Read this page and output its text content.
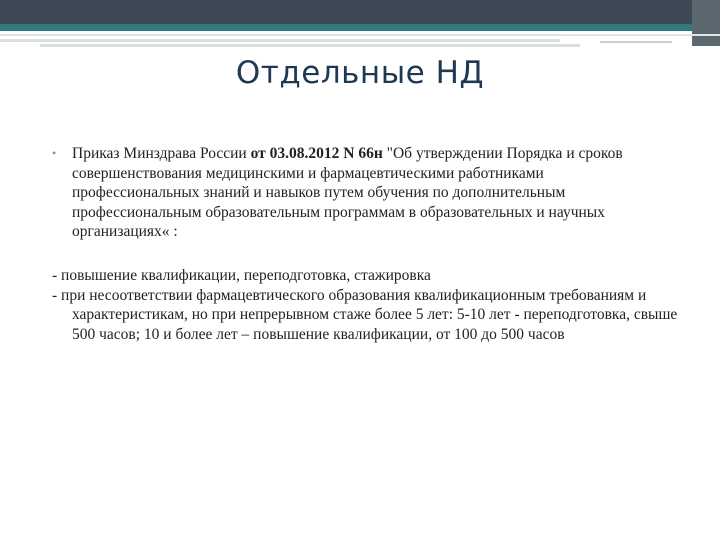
Отдельные НД
• Приказ Минздрава России от 03.08.2012 N 66н "Об утверждении Порядка и сроков совершенствования медицинскими и фармацевтическими работниками профессиональных знаний и навыков путем обучения по дополнительным профессиональным образовательным программам в образовательных и научных организациях« :
- повышение квалификации, переподготовка, стажировка
- при несоответствии фармацевтического образования квалификационным требованиям и характеристикам, но при непрерывном стаже более 5 лет: 5-10 лет - переподготовка, свыше 500 часов; 10 и более лет – повышение квалификации, от 100 до 500 часов
